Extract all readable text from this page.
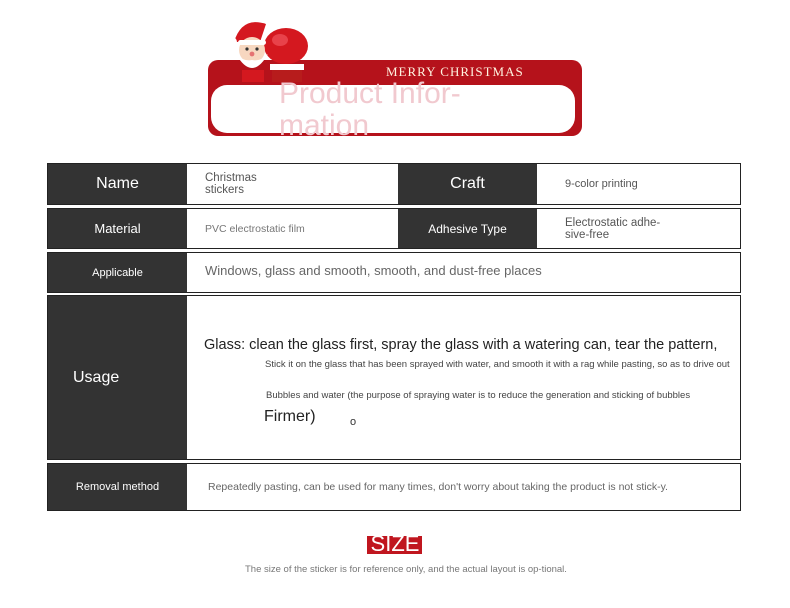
MERRY CHRISTMAS
Product Infor-mation
Name	Christmas stickers	Craft	9-color printing
Material	PVC electrostatic film	Adhesive Type	Electrostatic adhe-sive-free
Applicable	Windows, glass and smooth, smooth, and dust-free places
Usage
Glass: clean the glass first, spray the glass with a watering can, tear the pattern,
Stick it on the glass that has been sprayed with water, and smooth it with a rag while pasting, so as to drive out
Bubbles and water (the purpose of spraying water is to reduce the generation and sticking of bubbles
Firmer)	o
Removal method	Repeatedly pasting, can be used for many times, don't worry about taking the product is not stick-y.
SIZE
The size of the sticker is for reference only, and the actual layout is op-tional.
